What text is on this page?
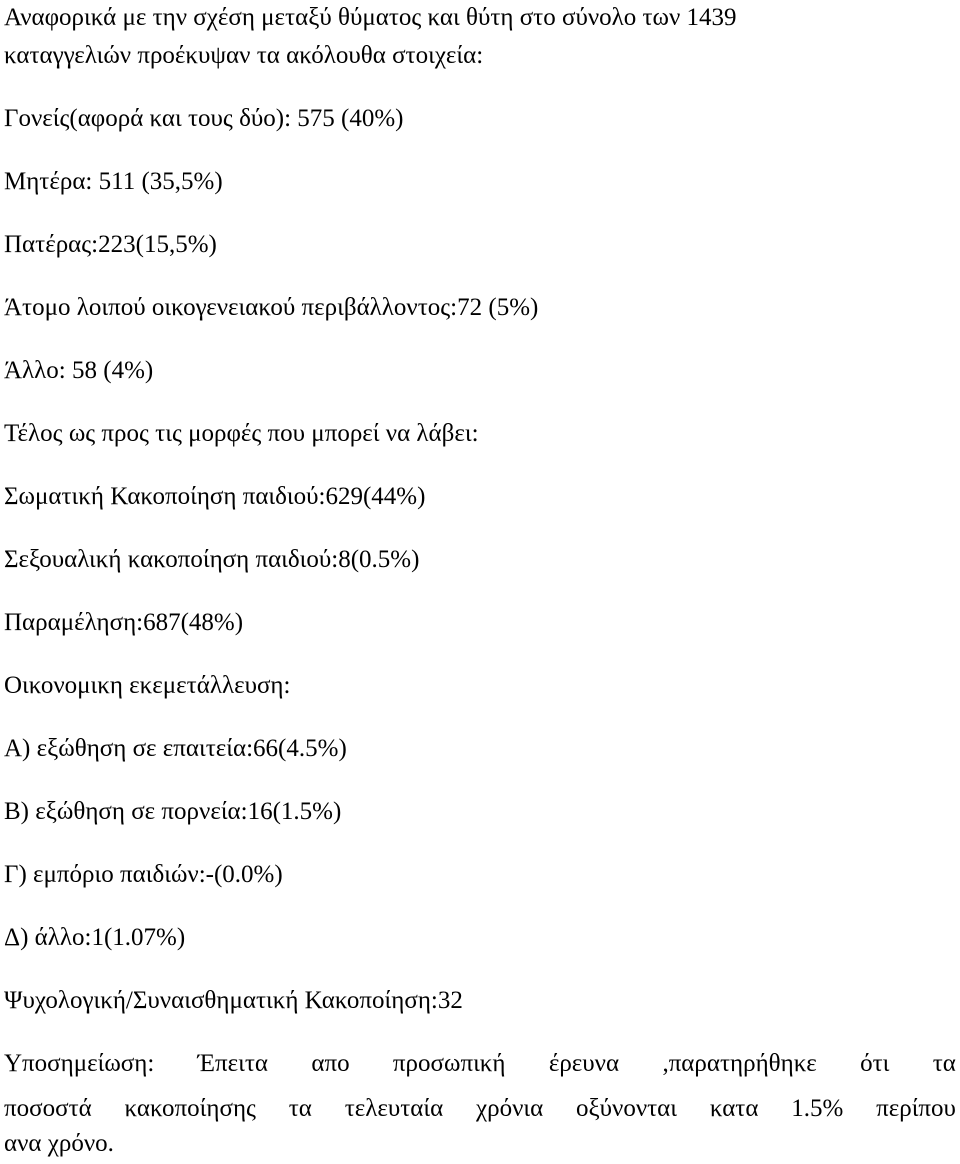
Αναφορικά με την σχέση μεταξύ θύματος και θύτη στο σύνολο των 1439

καταγγελιών προέκυψαν τα ακόλουθα στοιχεία:

Γονείς(αφορά και τους δύο): 575 (40%)

Μητέρα: 511 (35,5%)

Πατέρας:223(15,5%)

Άτομο λοιπού οικογενειακού περιβάλλοντος:72 (5%)

Άλλο: 58 (4%)

Τέλος ως προς τις μορφές που μπορεί να λάβει:

Σωματική Κακοποίηση παιδιού:629(44%)

Σεξουαλική κακοποίηση παιδιού:8(0.5%)

Παραμέληση:687(48%)

Οικονομικη εκεμετάλλευση:

Α) εξώθηση σε επαιτεία:66(4.5%)

Β) εξώθηση σε πορνεία:16(1.5%)

Γ) εμπόριο παιδιών:-(0.0%)

Δ) άλλο:1(1.07%)

Ψυχολογική/Συναισθηματική Κακοποίηση:32

Υποσημείωση: Έπειτα απο προσωπική έρευνα ,παρατηρήθηκε ότι τα
ποσοστά κακοποίησης τα τελευταία χρόνια οξύνονται κατα 1.5% περίπου

ανα χρόνο.
